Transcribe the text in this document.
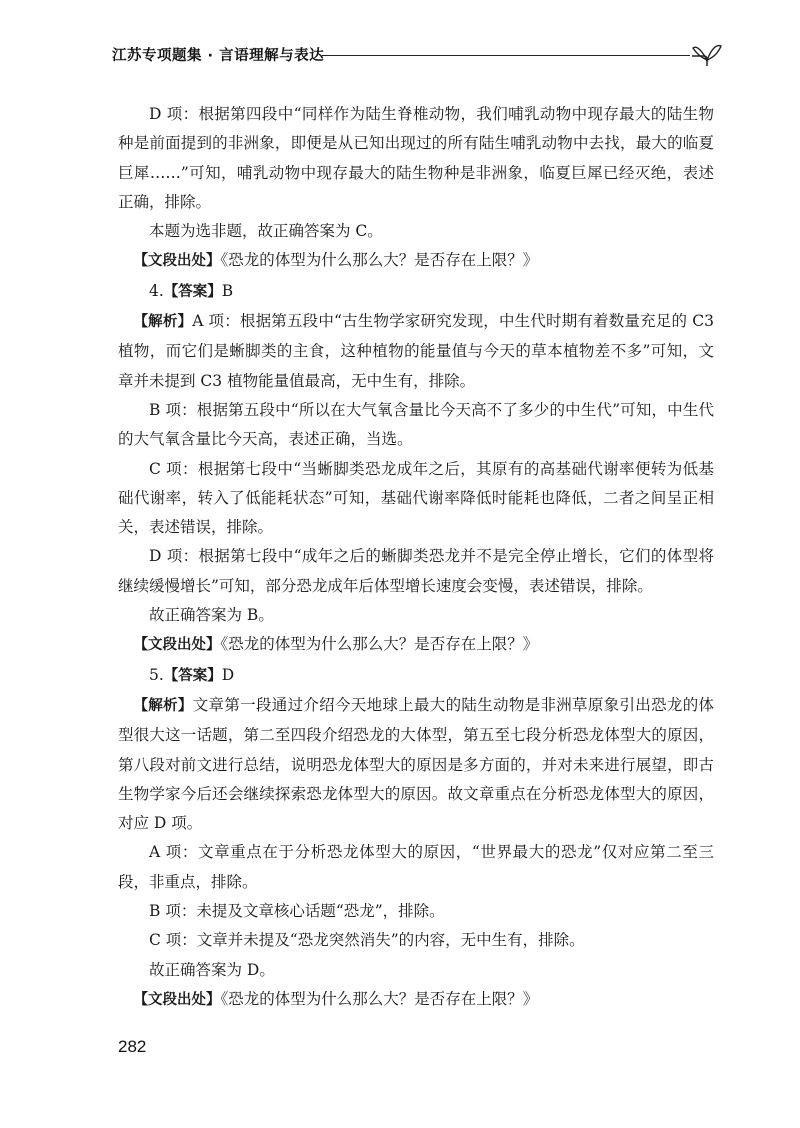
江苏专项题集 · 言语理解与表达

D 项：根据第四段中“同样作为陆生脊椎动物，我们哺乳动物中现存最大的陆生物种是前面提到的非洲象，即便是从已知出现过的所有陆生哺乳动物中去找，最大的临夏巨犀……”可知，哺乳动物中现存最大的陆生物种是非洲象，临夏巨犀已经灭绝，表述正确，排除。

本题为选非题，故正确答案为 C。

【文段出处】《恐龙的体型为什么那么大？是否存在上限？》

4.【答案】B

【解析】A 项：根据第五段中“古生物学家研究发现，中生代时期有着数量充足的 C3 植物，而它们是蜥脚类的主食，这种植物的能量值与今天的草本植物差不多”可知，文章并未提到 C3 植物能量值最高，无中生有，排除。

B 项：根据第五段中“所以在大气氧含量比今天高不了多少的中生代”可知，中生代的大气氧含量比今天高，表述正确，当选。

C 项：根据第七段中“当蜥脚类恐龙成年之后，其原有的高基础代谢率便转为低基础代谢率，转入了低能耗状态”可知，基础代谢率降低时能耗也降低，二者之间呈正相关，表述错误，排除。

D 项：根据第七段中“成年之后的蜥脚类恐龙并不是完全停止增长，它们的体型将继续缓慢增长”可知，部分恐龙成年后体型增长速度会变慢，表述错误，排除。

故正确答案为 B。

【文段出处】《恐龙的体型为什么那么大？是否存在上限？》

5.【答案】D

【解析】文章第一段通过介绍今天地球上最大的陆生动物是非洲草原象引出恐龙的体型很大这一话题，第二至四段介绍恐龙的大体型，第五至七段分析恐龙体型大的原因，第八段对前文进行总结，说明恐龙体型大的原因是多方面的，并对未来进行展望，即古生物学家今后还会继续探索恐龙体型大的原因。故文章重点在分析恐龙体型大的原因，对应 D 项。

A 项：文章重点在于分析恐龙体型大的原因，“世界最大的恐龙”仅对应第二至三段，非重点，排除。

B 项：未提及文章核心话题“恐龙”，排除。

C 项：文章并未提及“恐龙突然消失”的内容，无中生有，排除。

故正确答案为 D。

【文段出处】《恐龙的体型为什么那么大？是否存在上限？》

282
